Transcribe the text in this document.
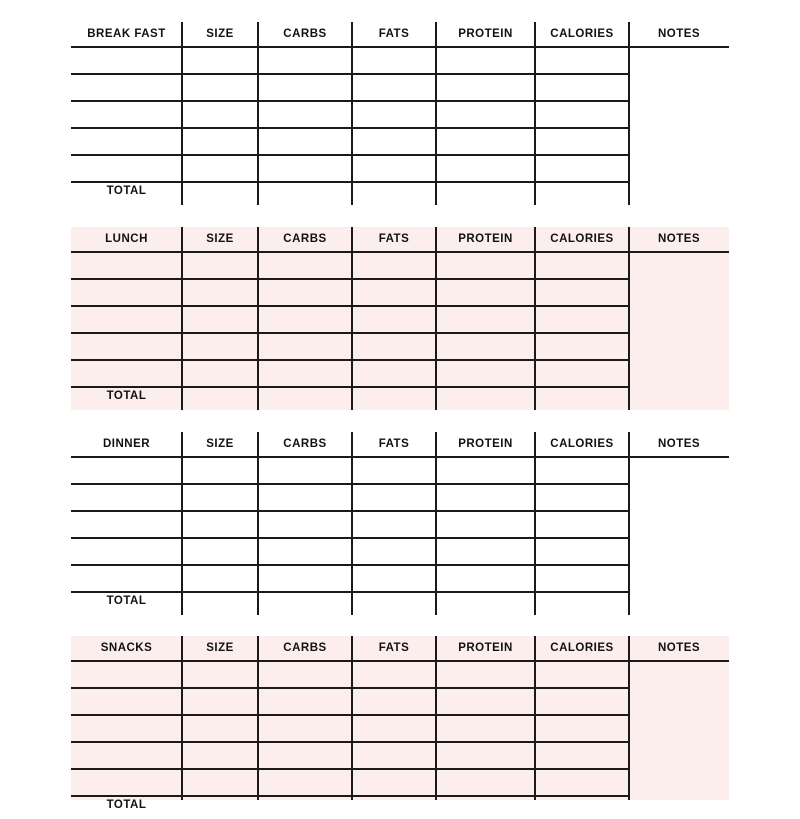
BREAK FAST	SIZE	CARBS	FATS	PROTEIN	CALORIES	NOTES
TOTAL
LUNCH	SIZE	CARBS	FATS	PROTEIN	CALORIES	NOTES
TOTAL
DINNER	SIZE	CARBS	FATS	PROTEIN	CALORIES	NOTES
TOTAL
SNACKS	SIZE	CARBS	FATS	PROTEIN	CALORIES	NOTES
TOTAL
